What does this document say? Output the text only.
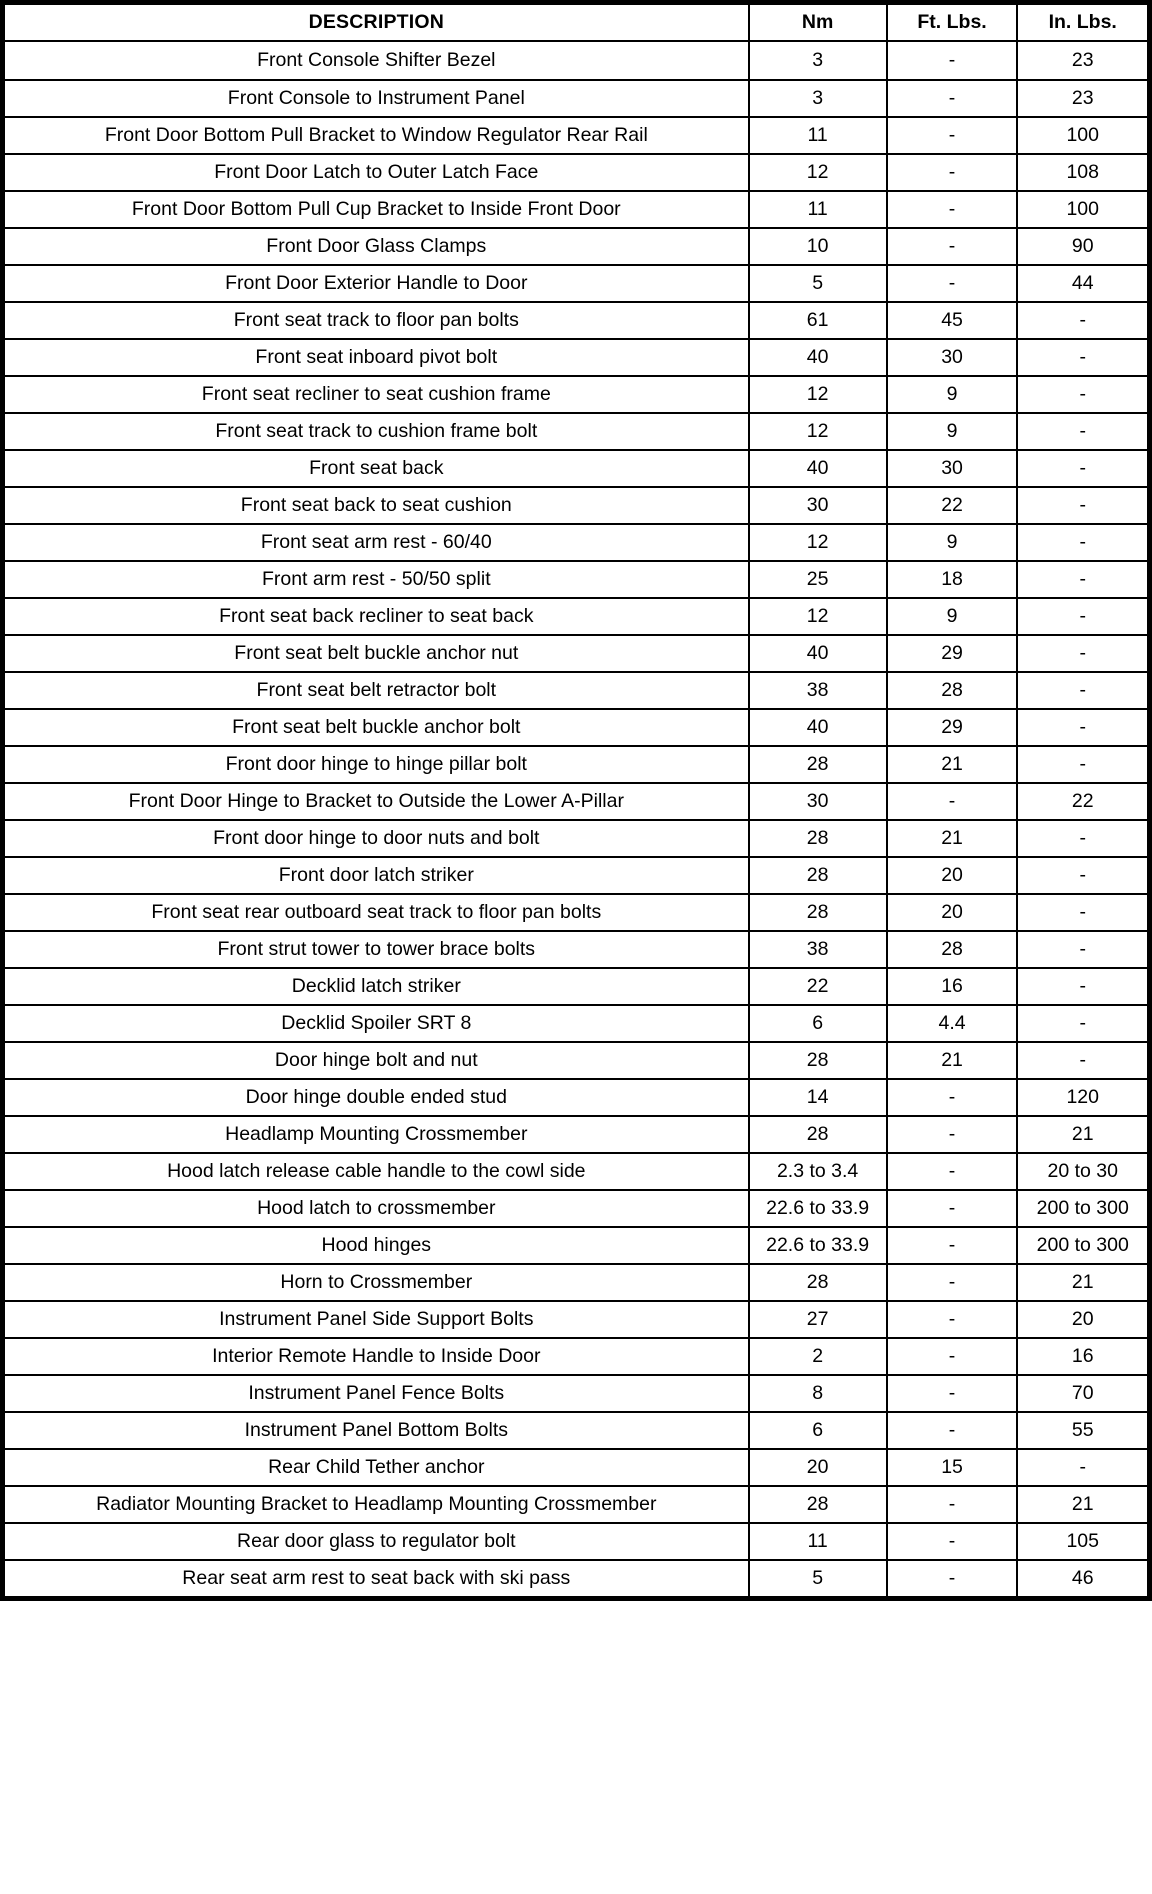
DESCRIPTION	Nm	Ft. Lbs.	In. Lbs.
Front Console Shifter Bezel	3	-	23
Front Console to Instrument Panel	3	-	23
Front Door Bottom Pull Bracket to Window Regulator Rear Rail	11	-	100
Front Door Latch to Outer Latch Face	12	-	108
Front Door Bottom Pull Cup Bracket to Inside Front Door	11	-	100
Front Door Glass Clamps	10	-	90
Front Door Exterior Handle to Door	5	-	44
Front seat track to floor pan bolts	61	45	-
Front seat inboard pivot bolt	40	30	-
Front seat recliner to seat cushion frame	12	9	-
Front seat track to cushion frame bolt	12	9	-
Front seat back	40	30	-
Front seat back to seat cushion	30	22	-
Front seat arm rest - 60/40	12	9	-
Front arm rest - 50/50 split	25	18	-
Front seat back recliner to seat back	12	9	-
Front seat belt buckle anchor nut	40	29	-
Front seat belt retractor bolt	38	28	-
Front seat belt buckle anchor bolt	40	29	-
Front door hinge to hinge pillar bolt	28	21	-
Front Door Hinge to Bracket to Outside the Lower A-Pillar	30	-	22
Front door hinge to door nuts and bolt	28	21	-
Front door latch striker	28	20	-
Front seat rear outboard seat track to floor pan bolts	28	20	-
Front strut tower to tower brace bolts	38	28	-
Decklid latch striker	22	16	-
Decklid Spoiler SRT 8	6	4.4	-
Door hinge bolt and nut	28	21	-
Door hinge double ended stud	14	-	120
Headlamp Mounting Crossmember	28	-	21
Hood latch release cable handle to the cowl side	2.3 to 3.4	-	20 to 30
Hood latch to crossmember	22.6 to 33.9	-	200 to 300
Hood hinges	22.6 to 33.9	-	200 to 300
Horn to Crossmember	28	-	21
Instrument Panel Side Support Bolts	27	-	20
Interior Remote Handle to Inside Door	2	-	16
Instrument Panel Fence Bolts	8	-	70
Instrument Panel Bottom Bolts	6	-	55
Rear Child Tether anchor	20	15	-
Radiator Mounting Bracket to Headlamp Mounting Crossmember	28	-	21
Rear door glass to regulator bolt	11	-	105
Rear seat arm rest to seat back with ski pass	5	-	46
